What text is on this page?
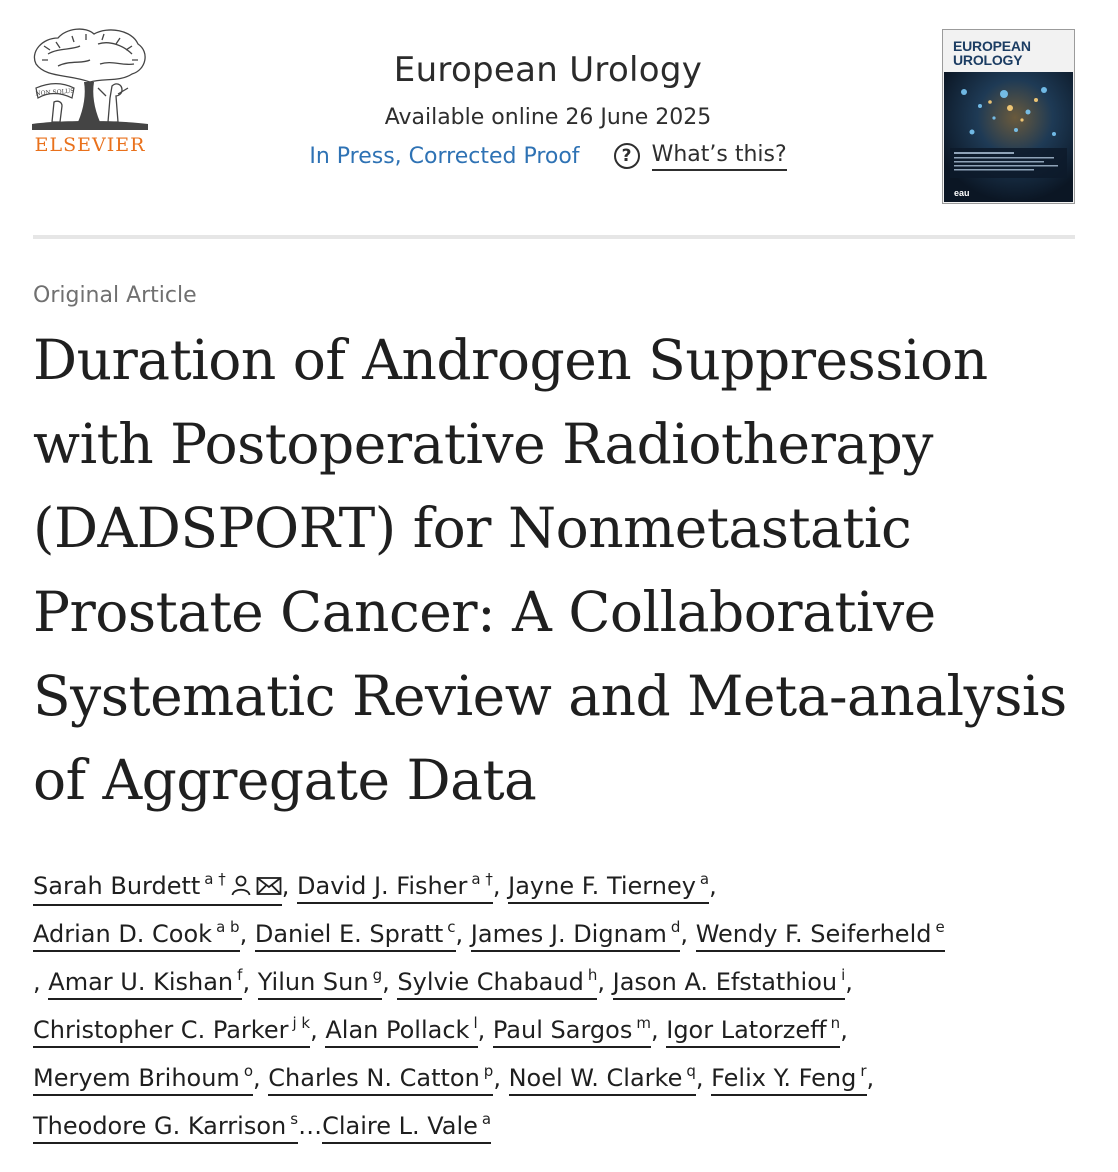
NON SOLUS
ELSEVIER
European Urology
Available online 26 June 2025
In Press, Corrected Proof	? What’s this?
EUROPEAN
UROLOGY
eau
Original Article
Duration of Androgen Suppression with Postoperative Radiotherapy (DADSPORT) for Nonmetastatic Prostate Cancer: A Collaborative Systematic Review and Meta-analysis of Aggregate Data
Sarah Burdett $^{a \dagger}$ , David J. Fisher $^{a \dagger}$, Jayne F. Tierney $^a$,
Adrian D. Cook $^{a b}$, Daniel E. Spratt $^c$, James J. Dignam $^d$, Wendy F. Seiferheld $^e$
, Amar U. Kishan $^f$, Yilun Sun $^g$, Sylvie Chabaud $^h$, Jason A. Efstathiou $^i$,
Christopher C. Parker $^{j k}$, Alan Pollack $^l$, Paul Sargos $^m$, Igor Latorzeff $^n$,
Meryem Brihoum $^o$, Charles N. Catton $^p$, Noel W. Clarke $^q$, Felix Y. Feng $^r$,
Theodore G. Karrison $^s$…Claire L. Vale $^a$
